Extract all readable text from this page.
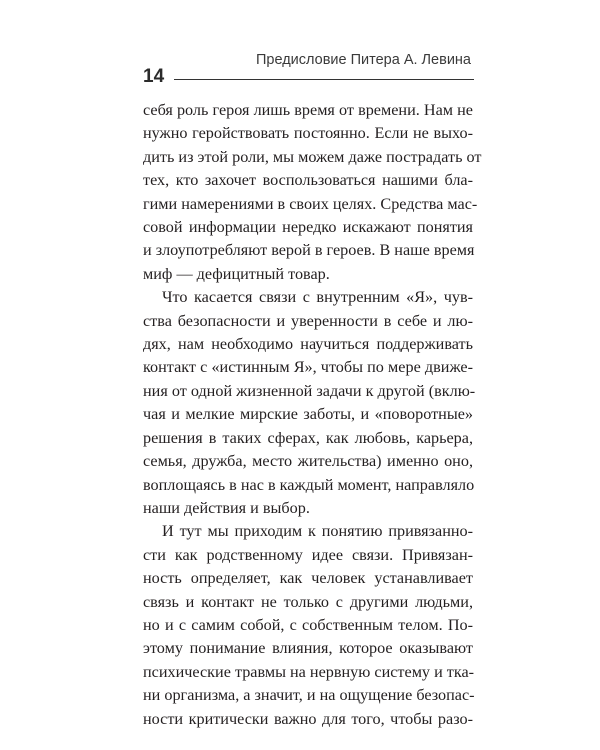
Предисловие Питера А. Левина
14
себя роль героя лишь время от времени. Нам не
нужно геройствовать постоянно. Если не выхо-
дить из этой роли, мы можем даже пострадать от
тех, кто захочет воспользоваться нашими бла-
гими намерениями в своих целях. Средства мас-
совой информации нередко искажают понятия
и злоупотребляют верой в героев. В наше время
миф — дефицитный товар.
Что касается связи с внутренним «Я», чув-
ства безопасности и уверенности в себе и лю-
дях, нам необходимо научиться поддерживать
контакт с «истинным Я», чтобы по мере движе-
ния от одной жизненной задачи к другой (вклю-
чая и мелкие мирские заботы, и «поворотные»
решения в таких сферах, как любовь, карьера,
семья, дружба, место жительства) именно оно,
воплощаясь в нас в каждый момент, направляло
наши действия и выбор.
И тут мы приходим к понятию привязанно-
сти как родственному идее связи. Привязан-
ность определяет, как человек устанавливает
связь и контакт не только с другими людьми,
но и с самим собой, с собственным телом. По-
этому понимание влияния, которое оказывают
психические травмы на нервную систему и тка-
ни организма, а значит, и на ощущение безопас-
ности критически важно для того, чтобы разо-
